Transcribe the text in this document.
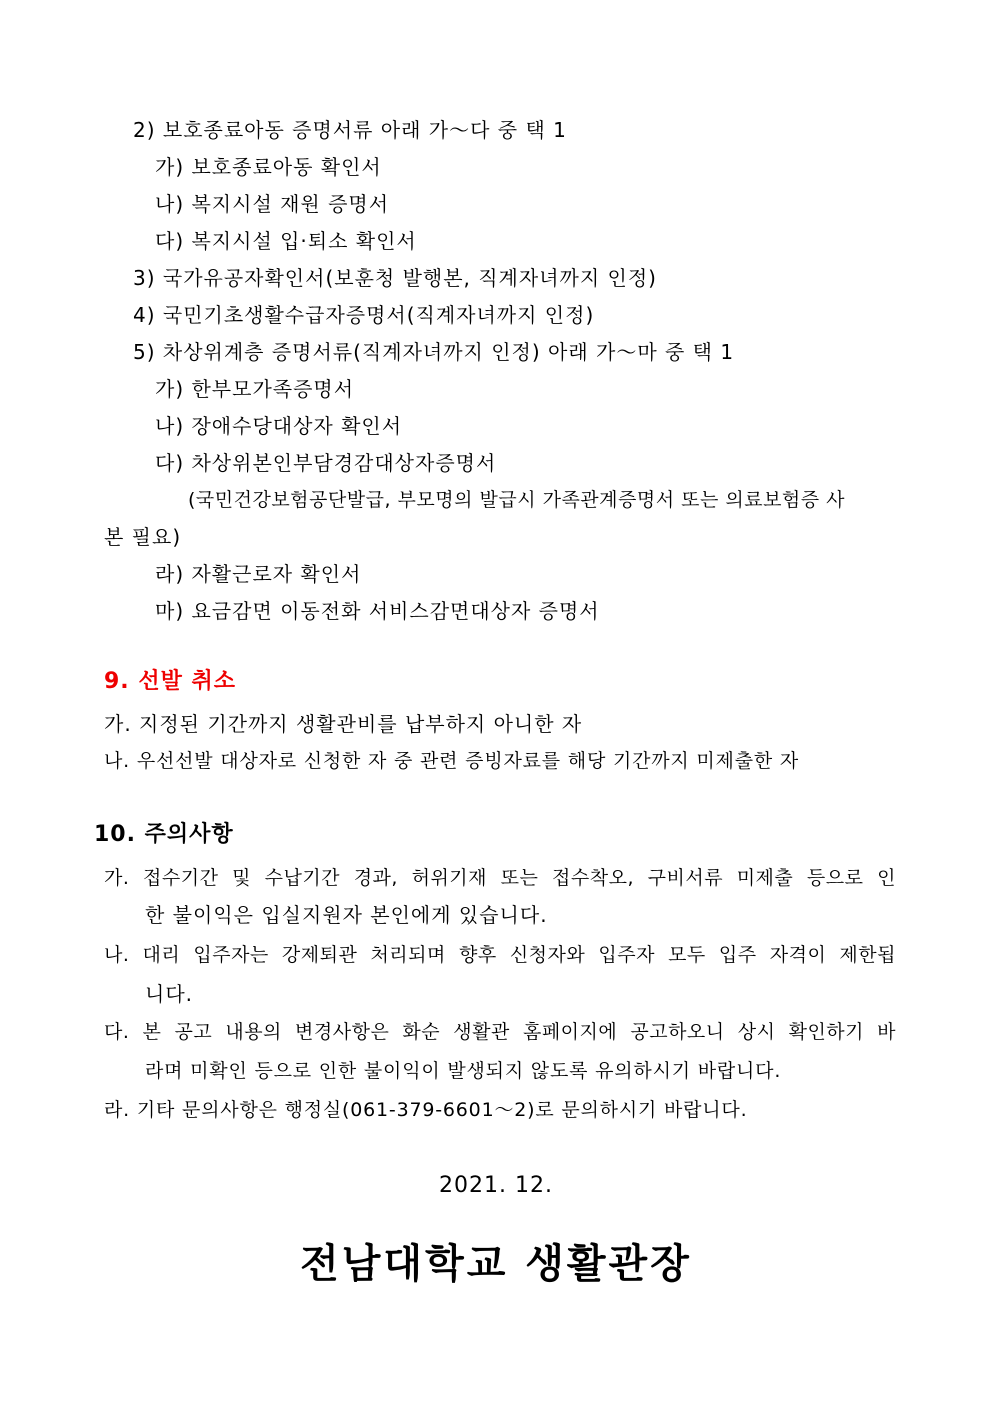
2) 보호종료아동 증명서류 아래 가～다 중 택 1
가) 보호종료아동 확인서
나) 복지시설 재원 증명서
다) 복지시설 입·퇴소 확인서
3) 국가유공자확인서(보훈청 발행본, 직계자녀까지 인정)
4) 국민기초생활수급자증명서(직계자녀까지 인정)
5) 차상위계층 증명서류(직계자녀까지 인정) 아래 가～마 중 택 1
가) 한부모가족증명서
나) 장애수당대상자 확인서
다) 차상위본인부담경감대상자증명서
(국민건강보험공단발급, 부모명의 발급시 가족관계증명서 또는 의료보험증 사
본 필요)
라) 자활근로자 확인서
마) 요금감면 이동전화 서비스감면대상자 증명서
9. 선발 취소
가. 지정된 기간까지 생활관비를 납부하지 아니한 자
나. 우선선발 대상자로 신청한 자 중 관련 증빙자료를 해당 기간까지 미제출한 자
10. 주의사항
가. 접수기간 및 수납기간 경과, 허위기재 또는 접수착오, 구비서류 미제출 등으로 인
한 불이익은 입실지원자 본인에게 있습니다.
나. 대리 입주자는 강제퇴관 처리되며 향후 신청자와 입주자 모두 입주 자격이 제한됩
니다.
다. 본 공고 내용의 변경사항은 화순 생활관 홈페이지에 공고하오니 상시 확인하기 바
라며 미확인 등으로 인한 불이익이 발생되지 않도록 유의하시기 바랍니다.
라. 기타 문의사항은 행정실(061-379-6601～2)로 문의하시기 바랍니다.
2021. 12.
전남대학교 생활관장
